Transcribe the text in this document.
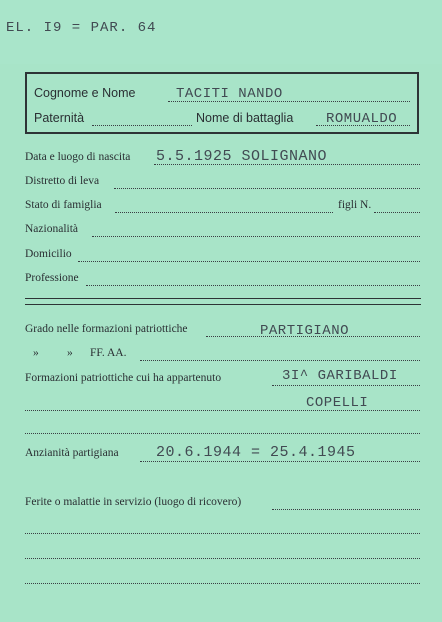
EL. I9 = PAR. 64
Cognome e Nome	TACITI NANDO
Paternità	Nome di battaglia ROMUALDO
Data e luogo di nascita 5.5.1925 SOLIGNANO
Distretto di leva
Stato di famiglia	figli N.
Nazionalità
Domicilio
Professione
Grado nelle formazioni patriottiche	PARTIGIANO
» » FF. AA.
Formazioni patriottiche cui ha appartenuto	3I^ GARIBALDI
COPELLI
Anzianità partigiana 20.6.1944 = 25.4.1945
Ferite o malattie in servizio (luogo di ricovero)
